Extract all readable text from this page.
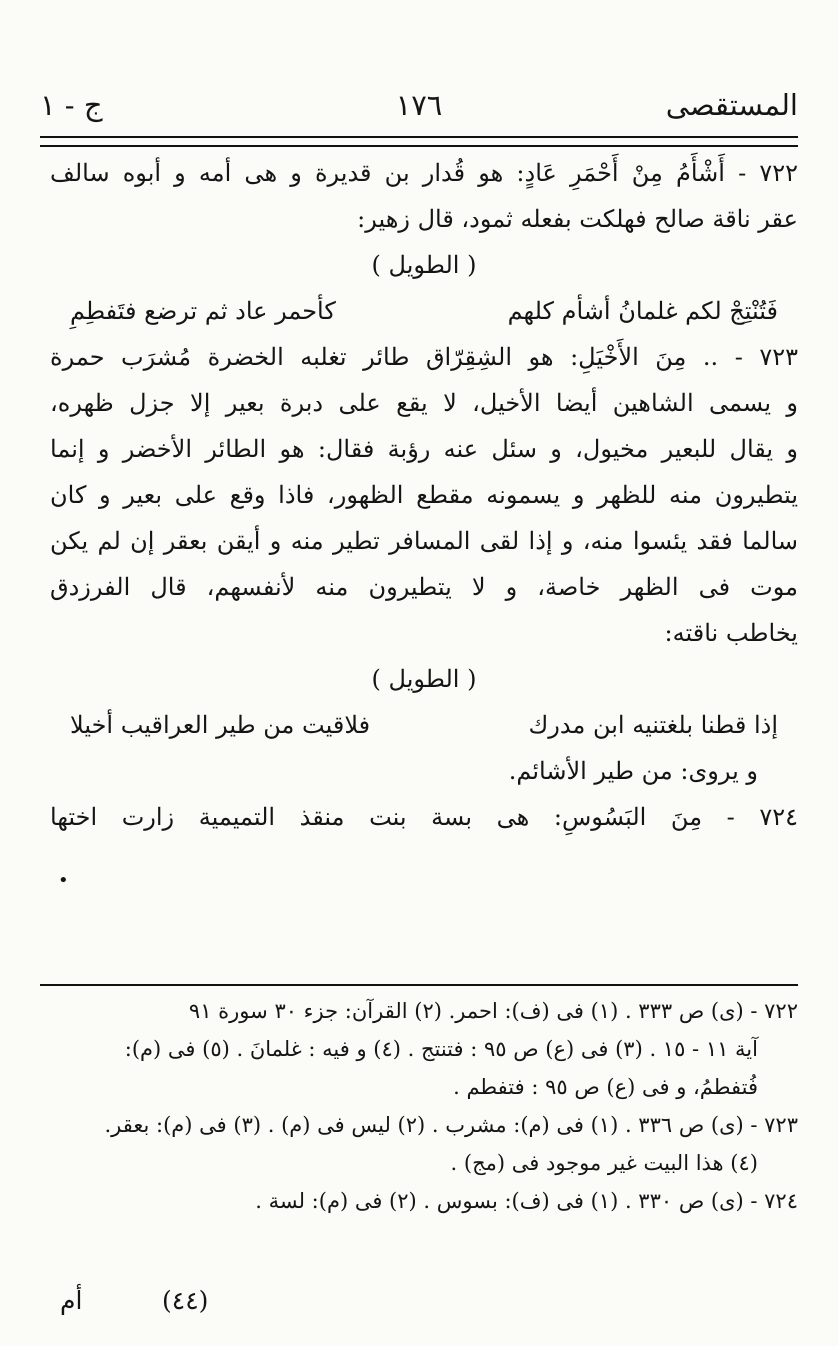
المستقصى
١٧٦
ج - ١
٧٢٢ - أَشْأَمُ مِنْ أَحْمَرِ عَادٍ: هو قُدار بن قديرة و هى أمه و أبوه سالف
عقر ناقة صالح فهلكت بفعله ثمود، قال زهير:
( الطويل )
فَتُنْتِجْ لكم غلمانُ أشأم كلهم
كأحمر عاد ثم ترضع فتَفطِمِ
٧٢٣ - .. مِنَ الأَخْيَلِ: هو الشِقِرّاق طائر تغلبه الخضرة مُشرَب حمرة
و يسمى الشاهين أيضا الأخيل، لا يقع على دبرة بعير إلا جزل ظهره،
و يقال للبعير مخيول، و سئل عنه رؤبة فقال: هو الطائر الأخضر و إنما
يتطيرون منه للظهر و يسمونه مقطع الظهور، فاذا وقع على بعير و كان
سالما فقد يئسوا منه، و إذا لقى المسافر تطير منه و أيقن بعقر إن لم يكن
موت فى الظهر خاصة، و لا يتطيرون منه لأنفسهم، قال الفرزدق
يخاطب ناقته:
( الطويل )
إذا قطنا بلغتنيه ابن مدرك
فلاقيت من طير العراقيب أخيلا
و يروى: من طير الأشائم.
٧٢٤ - مِنَ البَسُوسِ: هى بسة بنت منقذ التميمية زارت اختها
•
٧٢٢ - (ى) ص ٣٣٣ . (١) فى (ف): احمر. (٢) القرآن: جزء ٣٠ سورة ٩١
آية ١١ - ١٥ . (٣) فى (ع) ص ٩٥ : فتنتج . (٤) و فيه : غلمانَ . (٥) فى (م):
فُتفطمُ، و فى (ع) ص ٩٥ : فتفطم .
٧٢٣ - (ى) ص ٣٣٦ . (١) فى (م): مشرب . (٢) ليس فى (م) . (٣) فى (م): بعقر.
(٤) هذا البيت غير موجود فى (مج) .
٧٢٤ - (ى) ص ٣٣٠ . (١) فى (ف): بسوس . (٢) فى (م): لسة .
(٤٤)
أم
